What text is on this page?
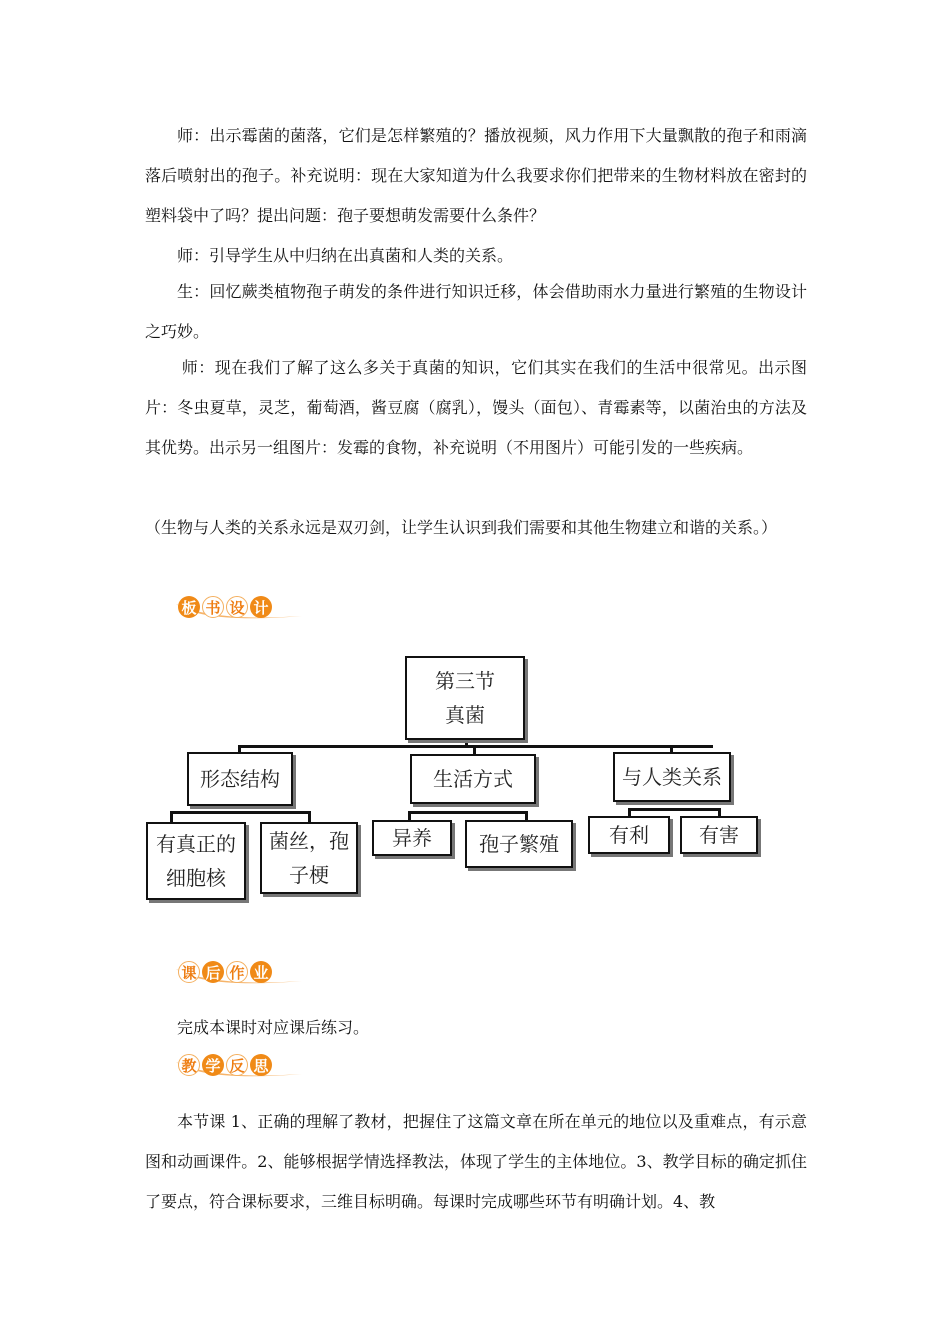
师：出示霉菌的菌落，它们是怎样繁殖的？播放视频，风力作用下大量飘散的孢子和雨滴落后喷射出的孢子。补充说明：现在大家知道为什么我要求你们把带来的生物材料放在密封的塑料袋中了吗？提出问题：孢子要想萌发需要什么条件？

师：引导学生从中归纳在出真菌和人类的关系。

生：回忆蕨类植物孢子萌发的条件进行知识迁移，体会借助雨水力量进行繁殖的生物设计之巧妙。

师：现在我们了解了这么多关于真菌的知识，它们其实在我们的生活中很常见。出示图片：冬虫夏草，灵芝，葡萄酒，酱豆腐（腐乳），馒头（面包）、青霉素等，以菌治虫的方法及其优势。出示另一组图片：发霉的食物，补充说明（不用图片）可能引发的一些疾病。

（生物与人类的关系永远是双刃剑，让学生认识到我们需要和其他生物建立和谐的关系。）

板 书 设 计
第三节
真菌
形态结构	生活方式	与人类关系
有真正的
细胞核
菌丝，孢
子梗
异养	孢子繁殖	有利	有害
课 后 作 业

完成本课时对应课后练习。

教 学 反 思

本节课 1、正确的理解了教材，把握住了这篇文章在所在单元的地位以及重难点，有示意图和动画课件。2、能够根据学情选择教法，体现了学生的主体地位。3、教学目标的确定抓住了要点，符合课标要求，三维目标明确。每课时完成哪些环节有明确计划。4、教
